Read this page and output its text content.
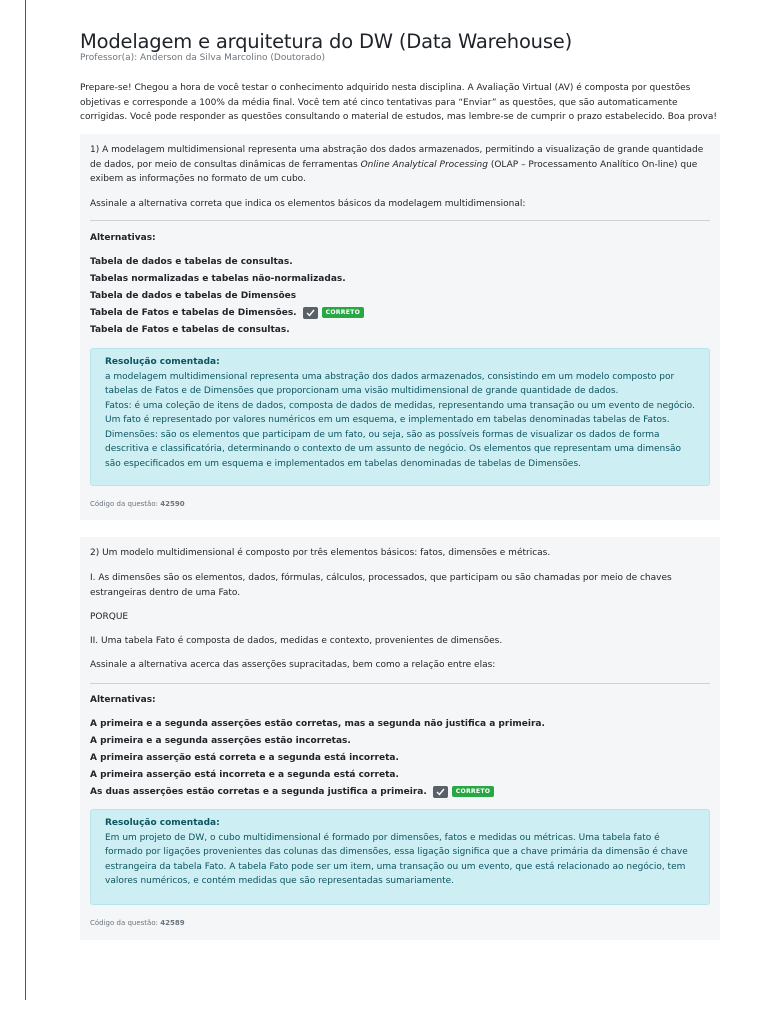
Modelagem e arquitetura do DW (Data Warehouse)
Professor(a): Anderson da Silva Marcolino (Doutorado)
Prepare-se! Chegou a hora de você testar o conhecimento adquirido nesta disciplina. A Avaliação Virtual (AV) é composta por questões objetivas e corresponde a 100% da média final. Você tem até cinco tentativas para “Enviar” as questões, que são automaticamente corrigidas. Você pode responder as questões consultando o material de estudos, mas lembre-se de cumprir o prazo estabelecido. Boa prova!
1) A modelagem multidimensional representa uma abstração dos dados armazenados, permitindo a visualização de grande quantidade de dados, por meio de consultas dinâmicas de ferramentas Online Analytical Processing (OLAP – Processamento Analítico On-line) que exibem as informações no formato de um cubo.
Assinale a alternativa correta que indica os elementos básicos da modelagem multidimensional:
Alternativas:
Tabela de dados e tabelas de consultas.
Tabelas normalizadas e tabelas não-normalizadas.
Tabela de dados e tabelas de Dimensões
Tabela de Fatos e tabelas de Dimensões.	CORRETO
Tabela de Fatos e tabelas de consultas.
Resolução comentada:
a modelagem multidimensional representa uma abstração dos dados armazenados, consistindo em um modelo composto por tabelas de Fatos e de Dimensões que proporcionam uma visão multidimensional de grande quantidade de dados.
Fatos: é uma coleção de itens de dados, composta de dados de medidas, representando uma transação ou um evento de negócio. Um fato é representado por valores numéricos em um esquema, e implementado em tabelas denominadas tabelas de Fatos.
Dimensões: são os elementos que participam de um fato, ou seja, são as possíveis formas de visualizar os dados de forma descritiva e classificatória, determinando o contexto de um assunto de negócio. Os elementos que representam uma dimensão são especificados em um esquema e implementados em tabelas denominadas de tabelas de Dimensões.
Código da questão: 42590
2) Um modelo multidimensional é composto por três elementos básicos: fatos, dimensões e métricas.
I. As dimensões são os elementos, dados, fórmulas, cálculos, processados, que participam ou são chamadas por meio de chaves estrangeiras dentro de uma Fato.
PORQUE
II. Uma tabela Fato é composta de dados, medidas e contexto, provenientes de dimensões.
Assinale a alternativa acerca das asserções supracitadas, bem como a relação entre elas:
Alternativas:
A primeira e a segunda asserções estão corretas, mas a segunda não justifica a primeira.
A primeira e a segunda asserções estão incorretas.
A primeira asserção está correta e a segunda está incorreta.
A primeira asserção está incorreta e a segunda está correta.
As duas asserções estão corretas e a segunda justifica a primeira.	CORRETO
Resolução comentada:
Em um projeto de DW, o cubo multidimensional é formado por dimensões, fatos e medidas ou métricas. Uma tabela fato é formado por ligações provenientes das colunas das dimensões, essa ligação significa que a chave primária da dimensão é chave estrangeira da tabela Fato. A tabela Fato pode ser um item, uma transação ou um evento, que está relacionado ao negócio, tem valores numéricos, e contém medidas que são representadas sumariamente.
Código da questão: 42589
